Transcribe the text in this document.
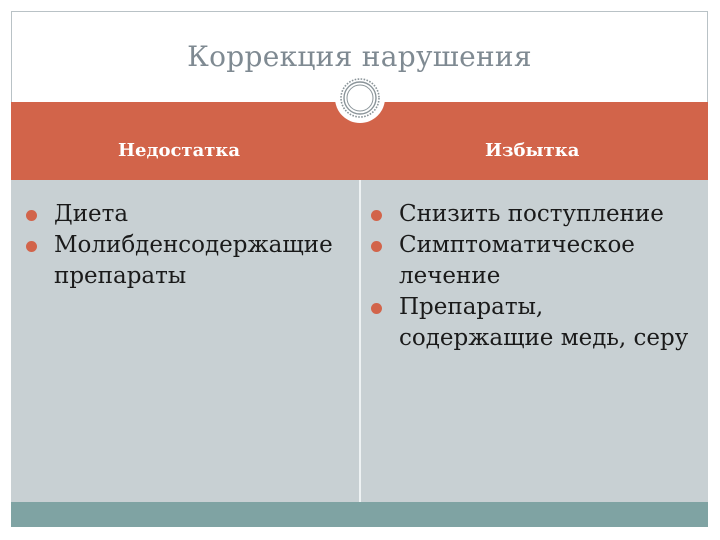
Коррекция нарушения
Недостатка	Избытка
Диета
Молибденсодержащие препараты
Снизить поступление
Симптоматическое лечение
Препараты, содержащие медь, серу
